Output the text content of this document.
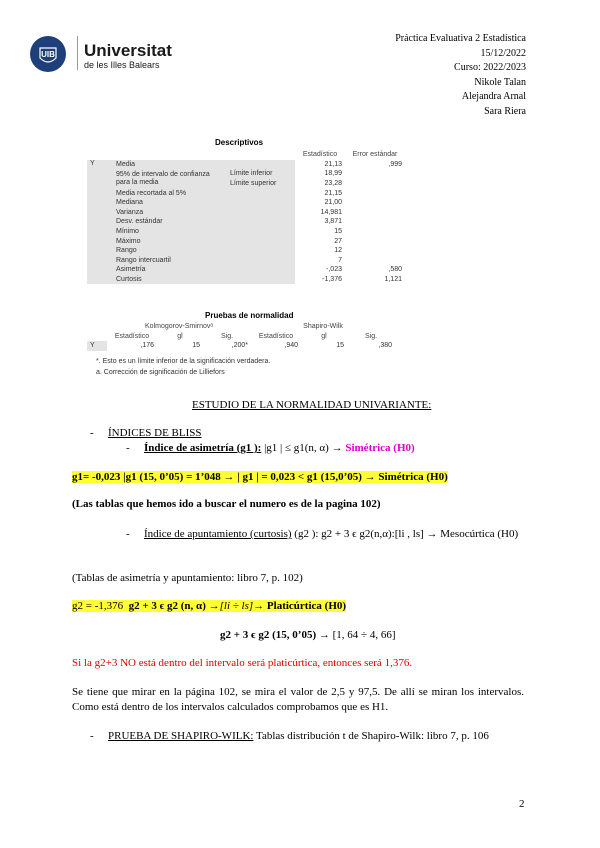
UIB Universitat
de les Illes Balears
Práctica Evaluativa 2 Estadística
15/12/2022
Curso: 2022/2023
Nikole Talan
Alejandra Arnal
Sara Riera
Descriptivos
			Estadístico	Error estándar
Y	Media		21,13	,999
	95% de intervalo de confianza para la media	Límite inferior	18,99	
		Límite superior	23,28	
	Media recortada al 5%		21,15	
	Mediana		21,00	
	Varianza		14,981	
	Desv. estándar		3,871	
	Mínimo		15	
	Máximo		27	
	Rango		12	
	Rango intercuartil		7	
	Asimetría		-,023	,580
	Curtosis		-1,376	1,121
Pruebas de normalidad
	Kolmogorov-Smirnovᵃ			Shapiro-Wilk		
	Estadístico	gl	Sig.	Estadístico	gl	Sig.
Y	,176	15	,200*	,940	15	,380
*. Esto es un límite inferior de la significación verdadera.
a. Corrección de significación de Lilliefors
ESTUDIO DE LA NORMALIDAD UNIVARIANTE:
- ÍNDICES DE BLISS
- Índice de asimetría (g1 ): |g1 | ≤ g1(n, α) → Simétrica (H0)
g1= -0,023 |g1 (15, 0’05) = 1’048 → | g1 | = 0,023 < g1 (15,0’05) → Simétrica (H0)
(Las tablas que hemos ido a buscar el numero es de la pagina 102)
- Índice de apuntamiento (curtosis) (g2 ): g2 + 3 ϵ g2(n,α):[li , ls] → Mesocúrtica (H0)
(Tablas de asimetría y apuntamiento: libro 7, p. 102)
g2 = -1,376 g2 + 3 ϵ g2 (n, α) →[li ÷ ls]→ Platicúrtica (H0)
g2 + 3 ϵ g2 (15, 0’05) → [1, 64 ÷ 4, 66]
Si la g2+3 NO está dentro del intervalo será platicúrtica, entonces será 1,376.
Se tiene que mirar en la página 102, se mira el valor de 2,5 y 97,5. De allí se miran los intervalos. Como está dentro de los intervalos calculados comprobamos que es H1.
- PRUEBA DE SHAPIRO-WILK: Tablas distribución t de Shapiro-Wilk: libro 7, p. 106
2
